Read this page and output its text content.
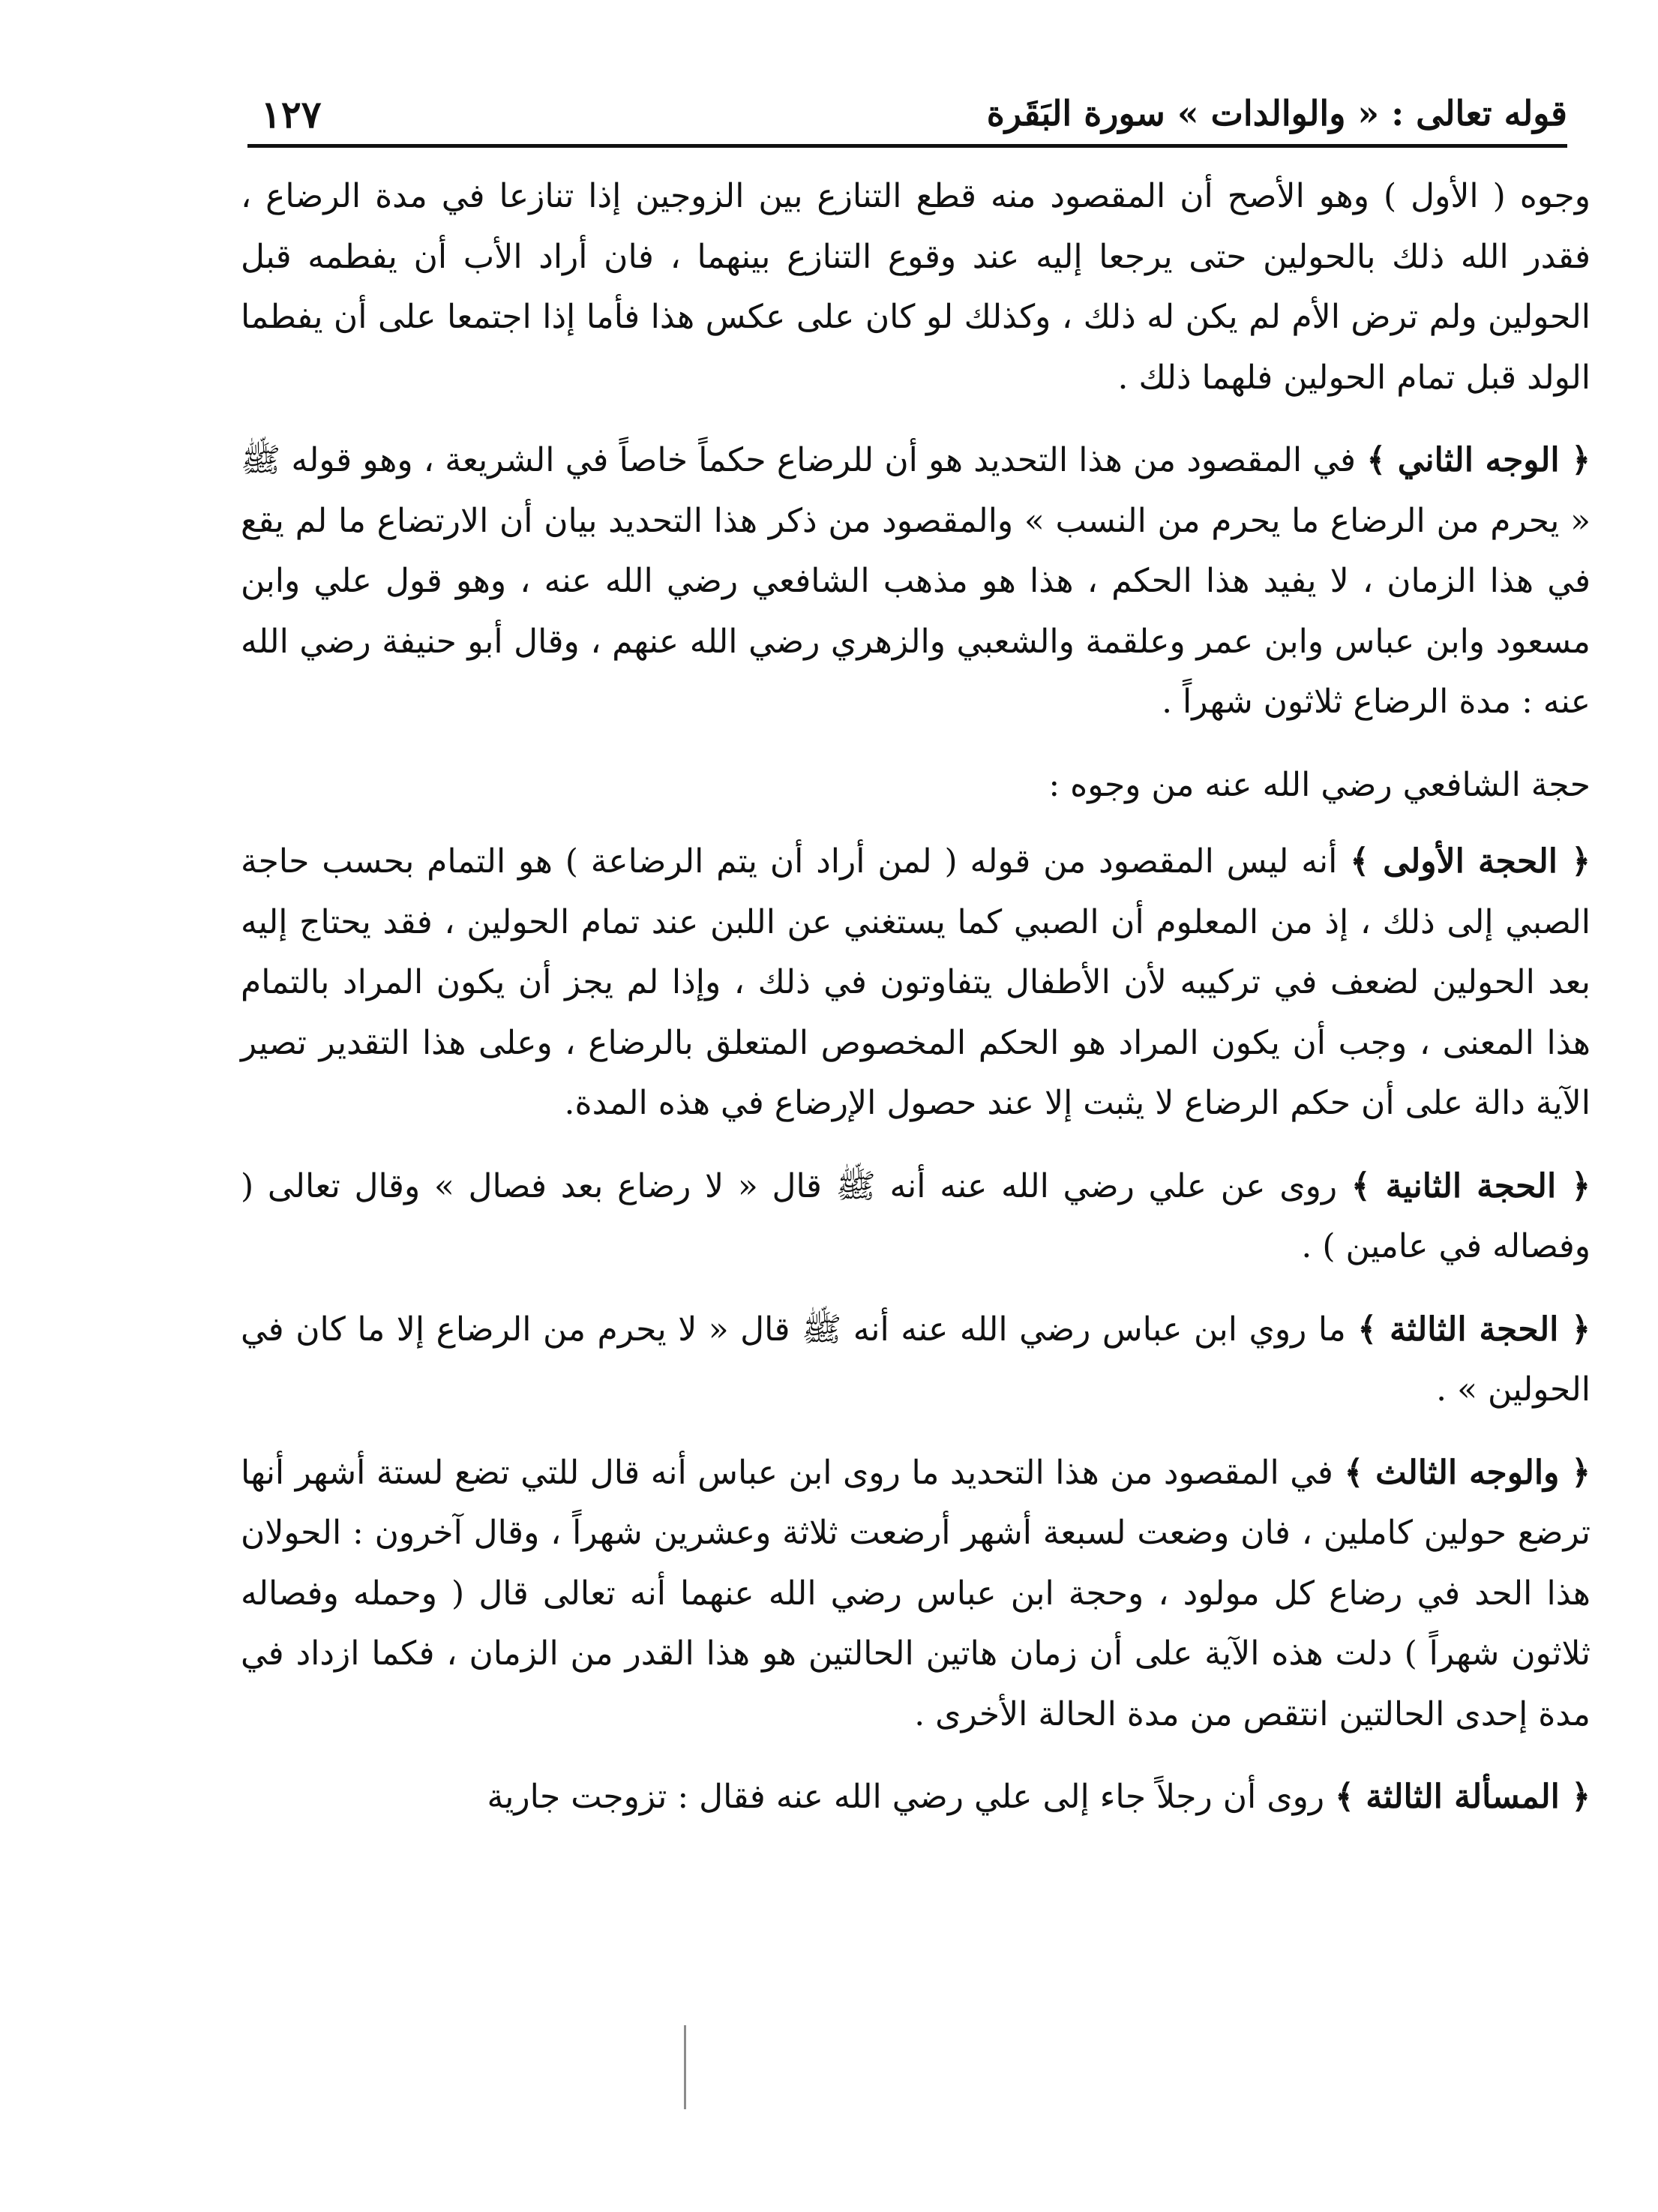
قوله تعالى : « والوالدات » سورة البَقَرة
١٢٧

وجوه ( الأول ) وهو الأصح أن المقصود منه قطع التنازع بين الزوجين إذا تنازعا في مدة الرضاع ، فقدر الله ذلك بالحولين حتى يرجعا إليه عند وقوع التنازع بينهما ، فان أراد الأب أن يفطمه قبل الحولين ولم ترض الأم لم يكن له ذلك ، وكذلك لو كان على عكس هذا فأما إذا اجتمعا على أن يفطما الولد قبل تمام الحولين فلهما ذلك .

﴿ الوجه الثاني ﴾ في المقصود من هذا التحديد هو أن للرضاع حكماً خاصاً في الشريعة ، وهو قوله ﷺ « يحرم من الرضاع ما يحرم من النسب » والمقصود من ذكر هذا التحديد بيان أن الارتضاع ما لم يقع في هذا الزمان ، لا يفيد هذا الحكم ، هذا هو مذهب الشافعي رضي الله عنه ، وهو قول علي وابن مسعود وابن عباس وابن عمر وعلقمة والشعبي والزهري رضي الله عنهم ، وقال أبو حنيفة رضي الله عنه : مدة الرضاع ثلاثون شهراً .

حجة الشافعي رضي الله عنه من وجوه :

﴿ الحجة الأولى ﴾ أنه ليس المقصود من قوله ( لمن أراد أن يتم الرضاعة ) هو التمام بحسب حاجة الصبي إلى ذلك ، إذ من المعلوم أن الصبي كما يستغني عن اللبن عند تمام الحولين ، فقد يحتاج إليه بعد الحولين لضعف في تركيبه لأن الأطفال يتفاوتون في ذلك ، وإذا لم يجز أن يكون المراد بالتمام هذا المعنى ، وجب أن يكون المراد هو الحكم المخصوص المتعلق بالرضاع ، وعلى هذا التقدير تصير الآية دالة على أن حكم الرضاع لا يثبت إلا عند حصول الإرضاع في هذه المدة.

﴿ الحجة الثانية ﴾ روى عن علي رضي الله عنه أنه ﷺ قال « لا رضاع بعد فصال » وقال تعالى ( وفصاله في عامين ) .

﴿ الحجة الثالثة ﴾ ما روي ابن عباس رضي الله عنه أنه ﷺ قال « لا يحرم من الرضاع إلا ما كان في الحولين » .

﴿ والوجه الثالث ﴾ في المقصود من هذا التحديد ما روى ابن عباس أنه قال للتي تضع لستة أشهر أنها ترضع حولين كاملين ، فان وضعت لسبعة أشهر أرضعت ثلاثة وعشرين شهراً ، وقال آخرون : الحولان هذا الحد في رضاع كل مولود ، وحجة ابن عباس رضي الله عنهما أنه تعالى قال ( وحمله وفصاله ثلاثون شهراً ) دلت هذه الآية على أن زمان هاتين الحالتين هو هذا القدر من الزمان ، فكما ازداد في مدة إحدى الحالتين انتقص من مدة الحالة الأخرى .

﴿ المسألة الثالثة ﴾ روى أن رجلاً جاء إلى علي رضي الله عنه فقال : تزوجت جارية
